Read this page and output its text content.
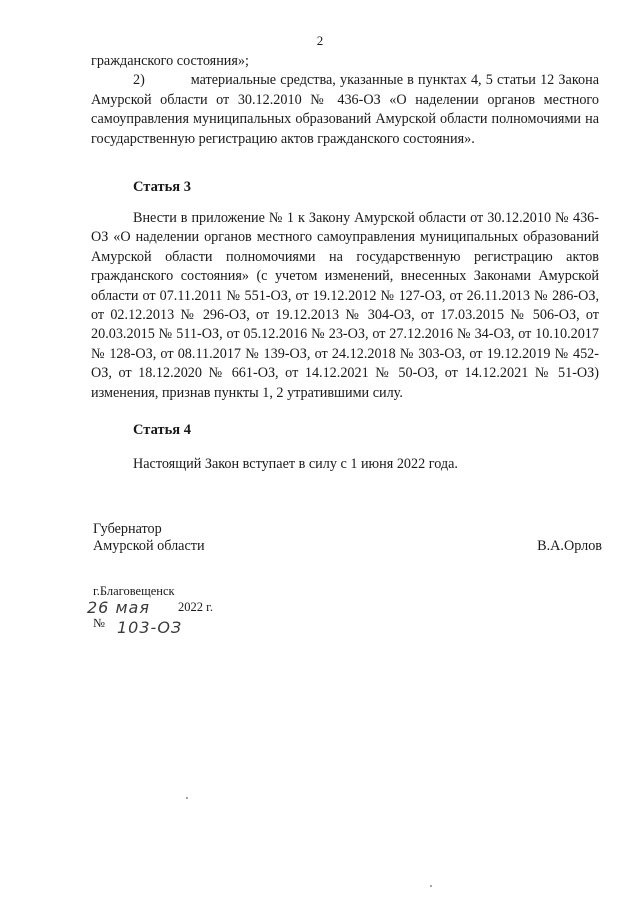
2

гражданского состояния»;

2)           материальные средства, указанные в пунктах 4, 5 статьи 12 Закона Амурской области от 30.12.2010 № 436-ОЗ «О наделении органов местного самоуправления муниципальных образований Амурской области полномочиями на государственную регистрацию актов гражданского состояния».

Статья 3

Внести в приложение № 1 к Закону Амурской области от 30.12.2010 № 436-ОЗ «О наделении органов местного самоуправления муниципальных образований Амурской области полномочиями на государственную регистрацию актов гражданского состояния» (с учетом изменений, внесенных Законами Амурской области от 07.11.2011 № 551-ОЗ, от 19.12.2012 № 127-ОЗ, от 26.11.2013 № 286-ОЗ, от 02.12.2013 № 296-ОЗ, от 19.12.2013 № 304-ОЗ, от 17.03.2015 № 506-ОЗ, от 20.03.2015 № 511-ОЗ, от 05.12.2016 № 23-ОЗ, от 27.12.2016 № 34-ОЗ, от 10.10.2017 № 128-ОЗ, от 08.11.2017 № 139-ОЗ, от 24.12.2018 № 303-ОЗ, от 19.12.2019 № 452-ОЗ, от 18.12.2020 № 661-ОЗ, от 14.12.2021 № 50-ОЗ, от 14.12.2021 № 51-ОЗ) изменения, признав пункты 1, 2 утратившими силу.

Статья 4

Настоящий Закон вступает в силу с 1 июня 2022 года.

Губернатор
Амурской области	В.А.Орлов
г.Благовещенск
26 мая 2022 г.
№ 103-ОЗ
